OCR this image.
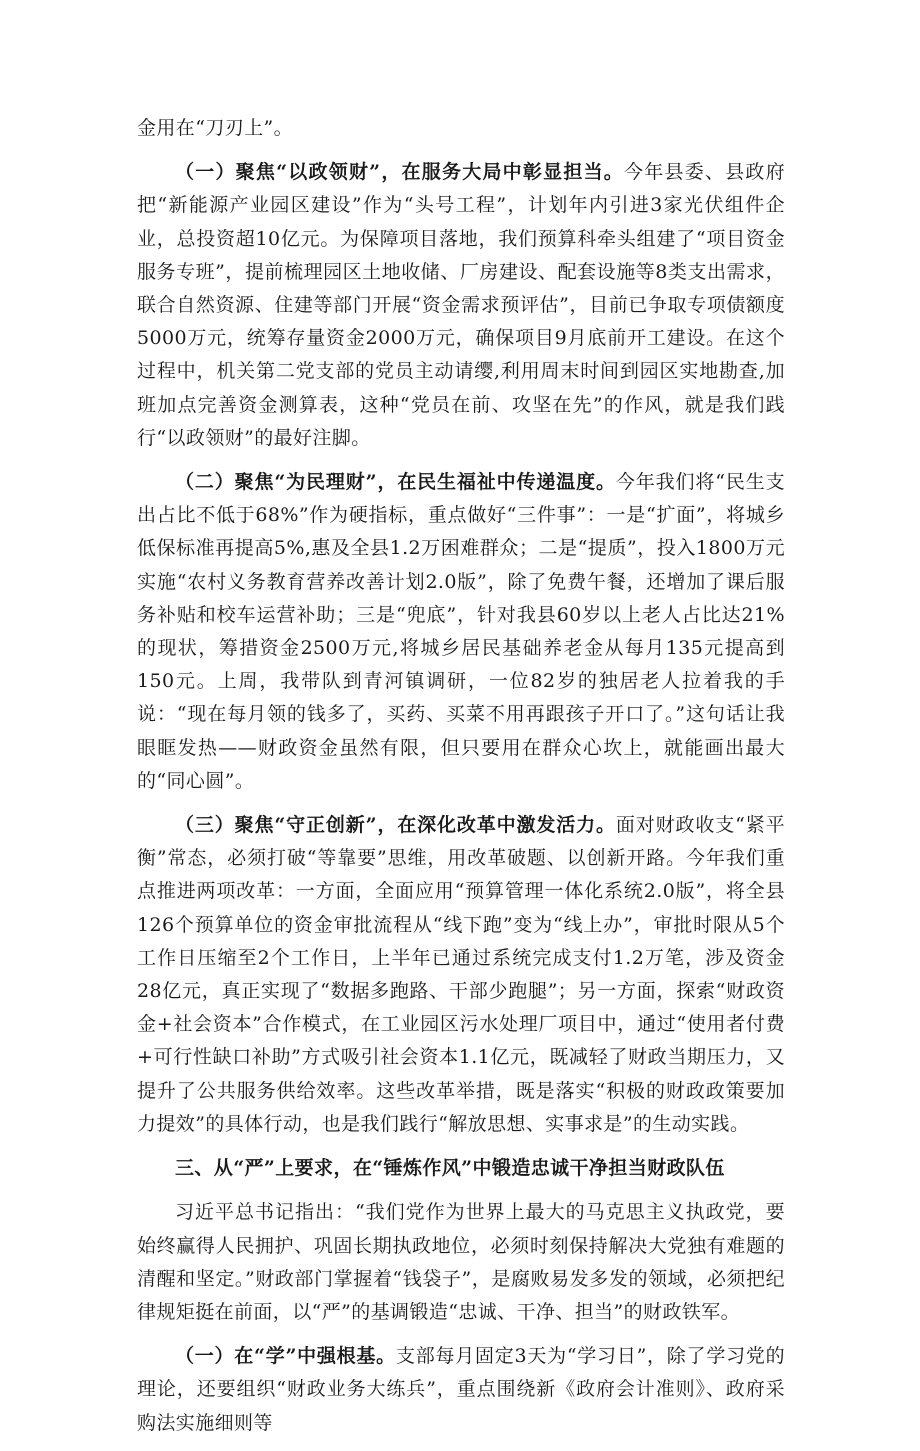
金用在“刀刃上”。

（一）聚焦“以政领财”，在服务大局中彰显担当。今年县委、县政府把“新能源产业园区建设”作为“头号工程”，计划年内引进3家光伏组件企业，总投资超10亿元。为保障项目落地，我们预算科牵头组建了“项目资金服务专班”，提前梳理园区土地收储、厂房建设、配套设施等8类支出需求，联合自然资源、住建等部门开展“资金需求预评估”，目前已争取专项债额度5000万元，统筹存量资金2000万元，确保项目9月底前开工建设。在这个过程中，机关第二党支部的党员主动请缨,利用周末时间到园区实地勘查,加班加点完善资金测算表，这种“党员在前、攻坚在先”的作风，就是我们践行“以政领财”的最好注脚。

（二）聚焦“为民理财”，在民生福祉中传递温度。今年我们将“民生支出占比不低于68%”作为硬指标，重点做好“三件事”：一是“扩面”，将城乡低保标准再提高5%,惠及全县1.2万困难群众；二是“提质”，投入1800万元实施“农村义务教育营养改善计划2.0版”，除了免费午餐，还增加了课后服务补贴和校车运营补助；三是“兜底”，针对我县60岁以上老人占比达21%的现状，筹措资金2500万元,将城乡居民基础养老金从每月135元提高到150元。上周，我带队到青河镇调研，一位82岁的独居老人拉着我的手说：“现在每月领的钱多了，买药、买菜不用再跟孩子开口了。”这句话让我眼眶发热——财政资金虽然有限，但只要用在群众心坎上，就能画出最大的“同心圆”。

（三）聚焦“守正创新”，在深化改革中激发活力。面对财政收支“紧平衡”常态，必须打破“等靠要”思维，用改革破题、以创新开路。今年我们重点推进两项改革：一方面，全面应用“预算管理一体化系统2.0版”，将全县126个预算单位的资金审批流程从“线下跑”变为“线上办”，审批时限从5个工作日压缩至2个工作日，上半年已通过系统完成支付1.2万笔，涉及资金28亿元，真正实现了“数据多跑路、干部少跑腿”；另一方面，探索“财政资金+社会资本”合作模式，在工业园区污水处理厂项目中，通过“使用者付费+可行性缺口补助”方式吸引社会资本1.1亿元，既减轻了财政当期压力，又提升了公共服务供给效率。这些改革举措，既是落实“积极的财政政策要加力提效”的具体行动，也是我们践行“解放思想、实事求是”的生动实践。

三、从“严”上要求，在“锤炼作风”中锻造忠诚干净担当财政队伍

习近平总书记指出：“我们党作为世界上最大的马克思主义执政党，要始终赢得人民拥护、巩固长期执政地位，必须时刻保持解决大党独有难题的清醒和坚定。”财政部门掌握着“钱袋子”，是腐败易发多发的领域，必须把纪律规矩挺在前面，以“严”的基调锻造“忠诚、干净、担当”的财政铁军。

（一）在“学”中强根基。支部每月固定3天为“学习日”，除了学习党的理论，还要组织“财政业务大练兵”，重点围绕新《政府会计准则》、政府采购法实施细则等
